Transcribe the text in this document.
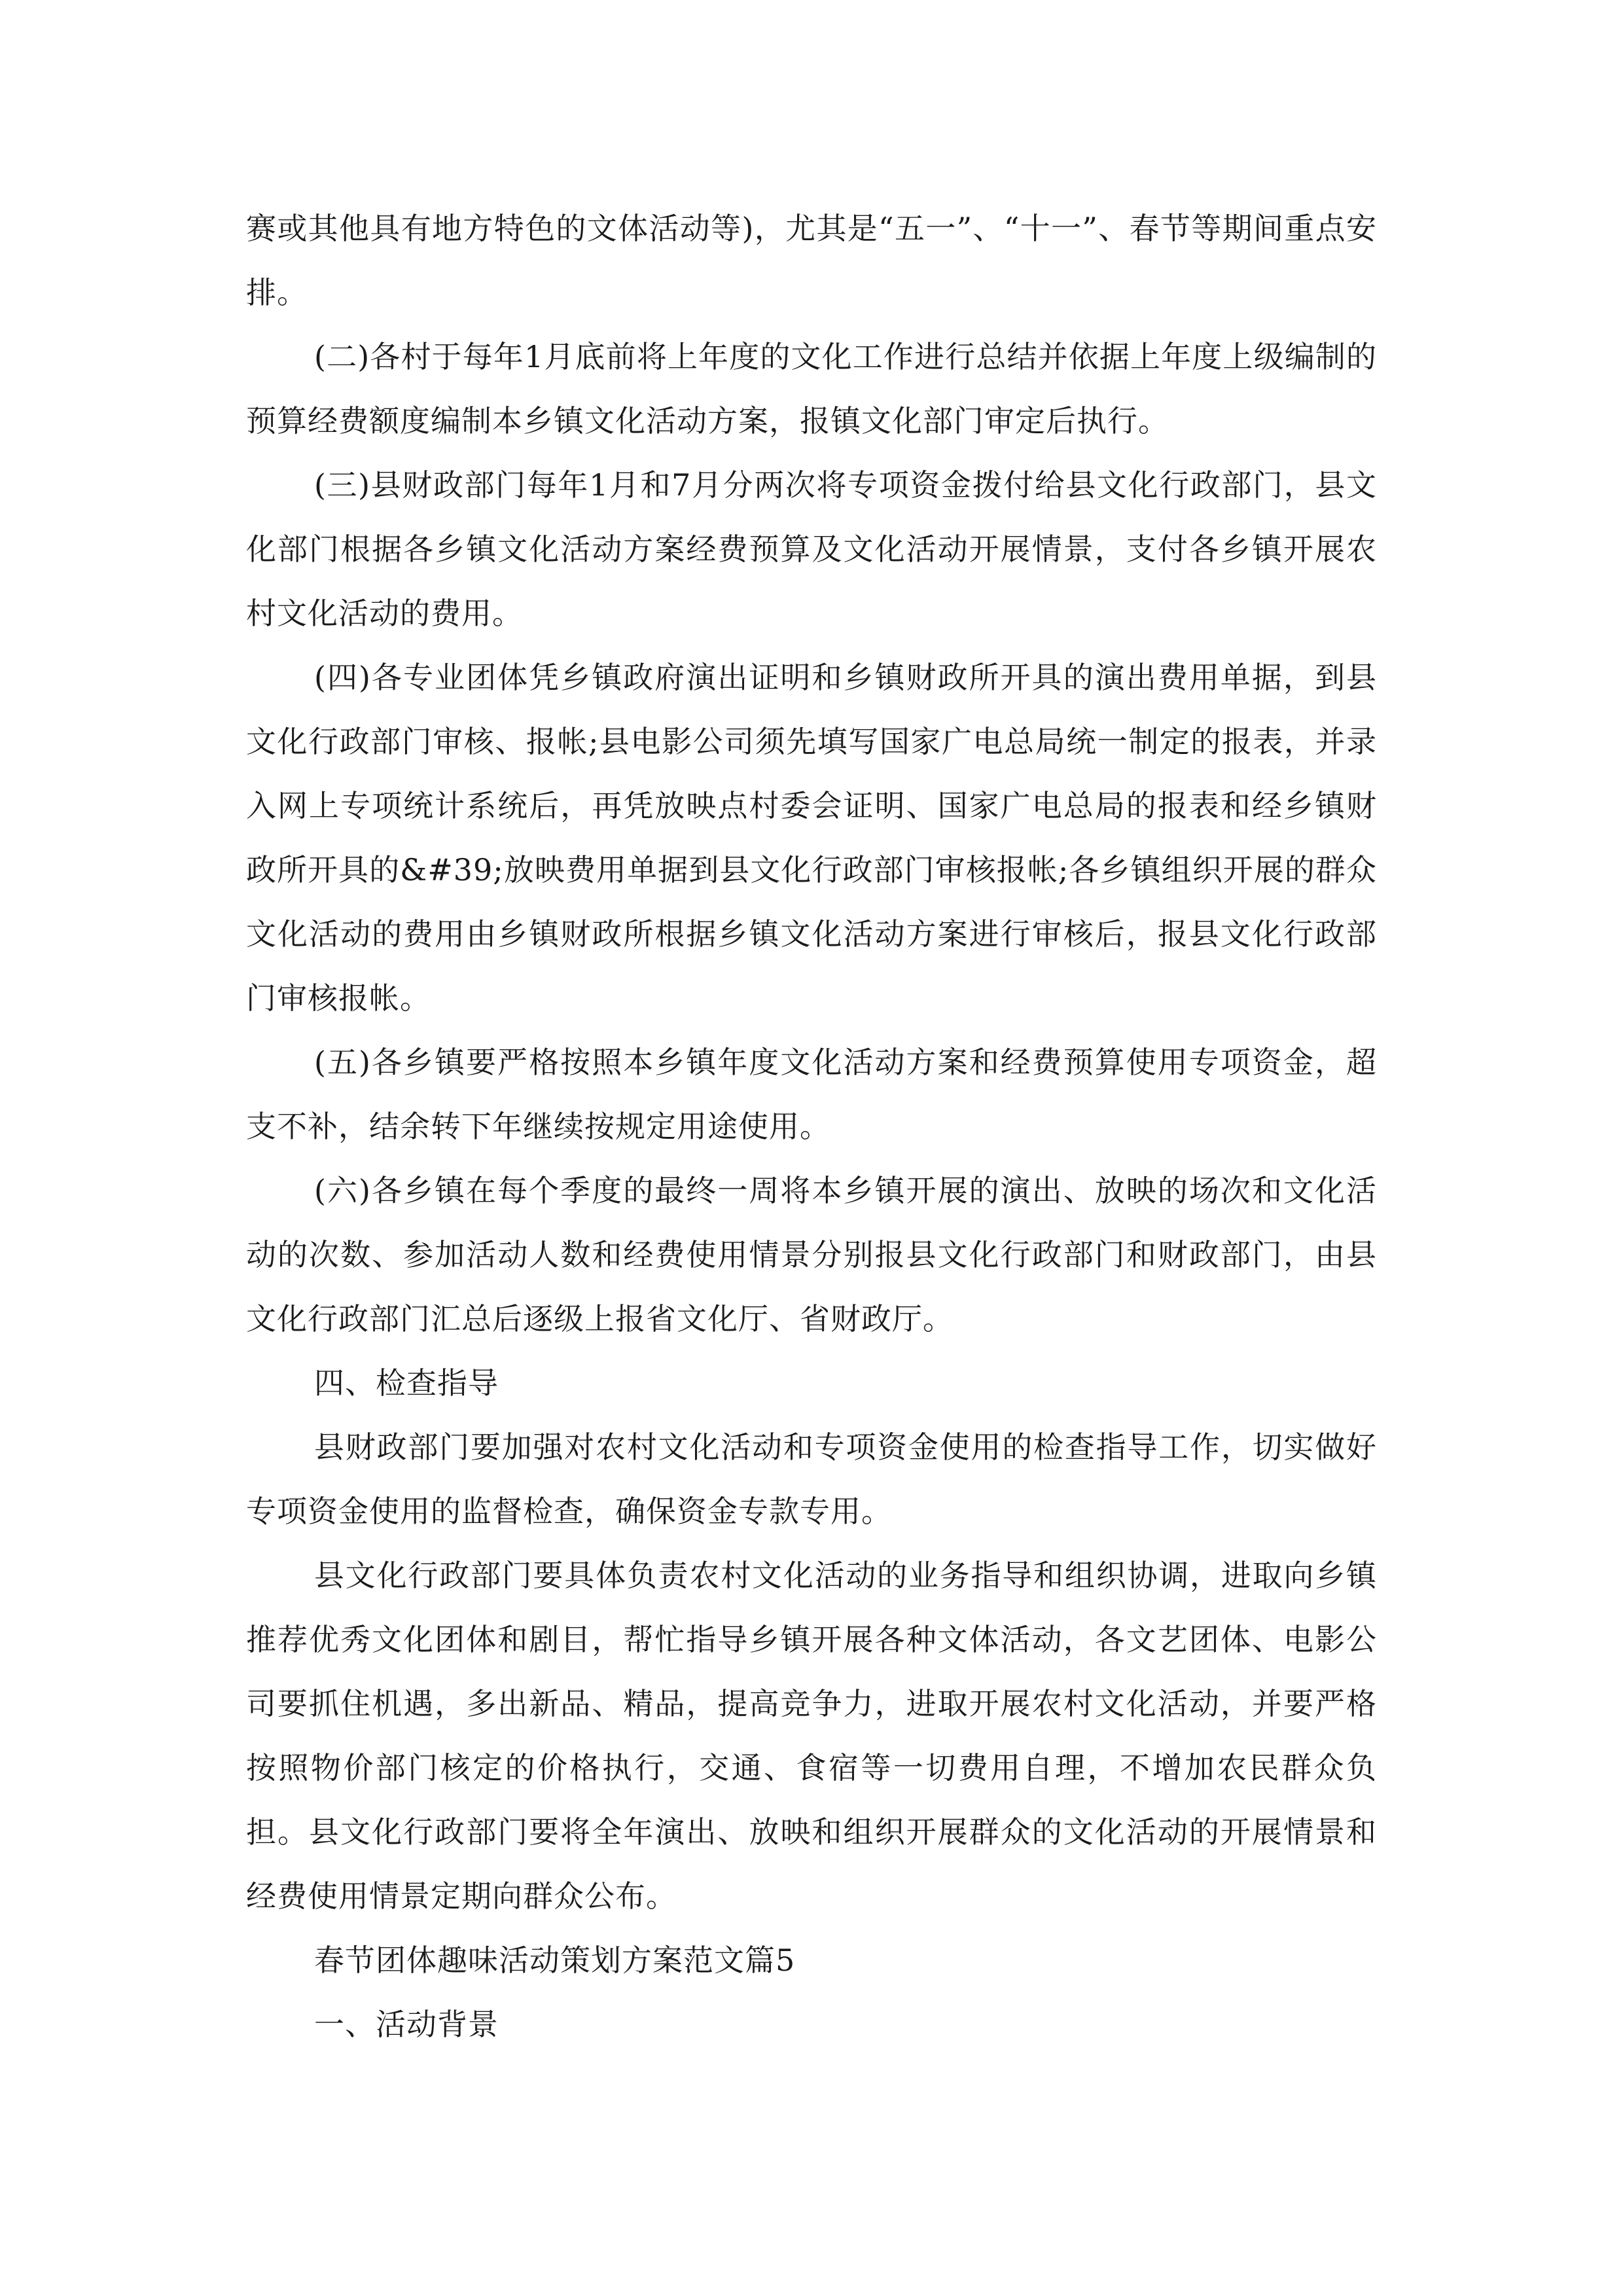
赛或其他具有地方特色的文体活动等)，尤其是“五一”、“十一”、春节等期间重点安排。

(二)各村于每年1月底前将上年度的文化工作进行总结并依据上年度上级编制的预算经费额度编制本乡镇文化活动方案，报镇文化部门审定后执行。

(三)县财政部门每年1月和7月分两次将专项资金拨付给县文化行政部门，县文化部门根据各乡镇文化活动方案经费预算及文化活动开展情景，支付各乡镇开展农村文化活动的费用。

(四)各专业团体凭乡镇政府演出证明和乡镇财政所开具的演出费用单据，到县文化行政部门审核、报帐;县电影公司须先填写国家广电总局统一制定的报表，并录入网上专项统计系统后，再凭放映点村委会证明、国家广电总局的报表和经乡镇财政所开具的&#39;放映费用单据到县文化行政部门审核报帐;各乡镇组织开展的群众文化活动的费用由乡镇财政所根据乡镇文化活动方案进行审核后，报县文化行政部门审核报帐。

(五)各乡镇要严格按照本乡镇年度文化活动方案和经费预算使用专项资金，超支不补，结余转下年继续按规定用途使用。

(六)各乡镇在每个季度的最终一周将本乡镇开展的演出、放映的场次和文化活动的次数、参加活动人数和经费使用情景分别报县文化行政部门和财政部门，由县文化行政部门汇总后逐级上报省文化厅、省财政厅。

四、检查指导

县财政部门要加强对农村文化活动和专项资金使用的检查指导工作，切实做好专项资金使用的监督检查，确保资金专款专用。

县文化行政部门要具体负责农村文化活动的业务指导和组织协调，进取向乡镇推荐优秀文化团体和剧目，帮忙指导乡镇开展各种文体活动，各文艺团体、电影公司要抓住机遇，多出新品、精品，提高竞争力，进取开展农村文化活动，并要严格按照物价部门核定的价格执行，交通、食宿等一切费用自理，不增加农民群众负担。县文化行政部门要将全年演出、放映和组织开展群众的文化活动的开展情景和经费使用情景定期向群众公布。

春节团体趣味活动策划方案范文篇5

一、活动背景
